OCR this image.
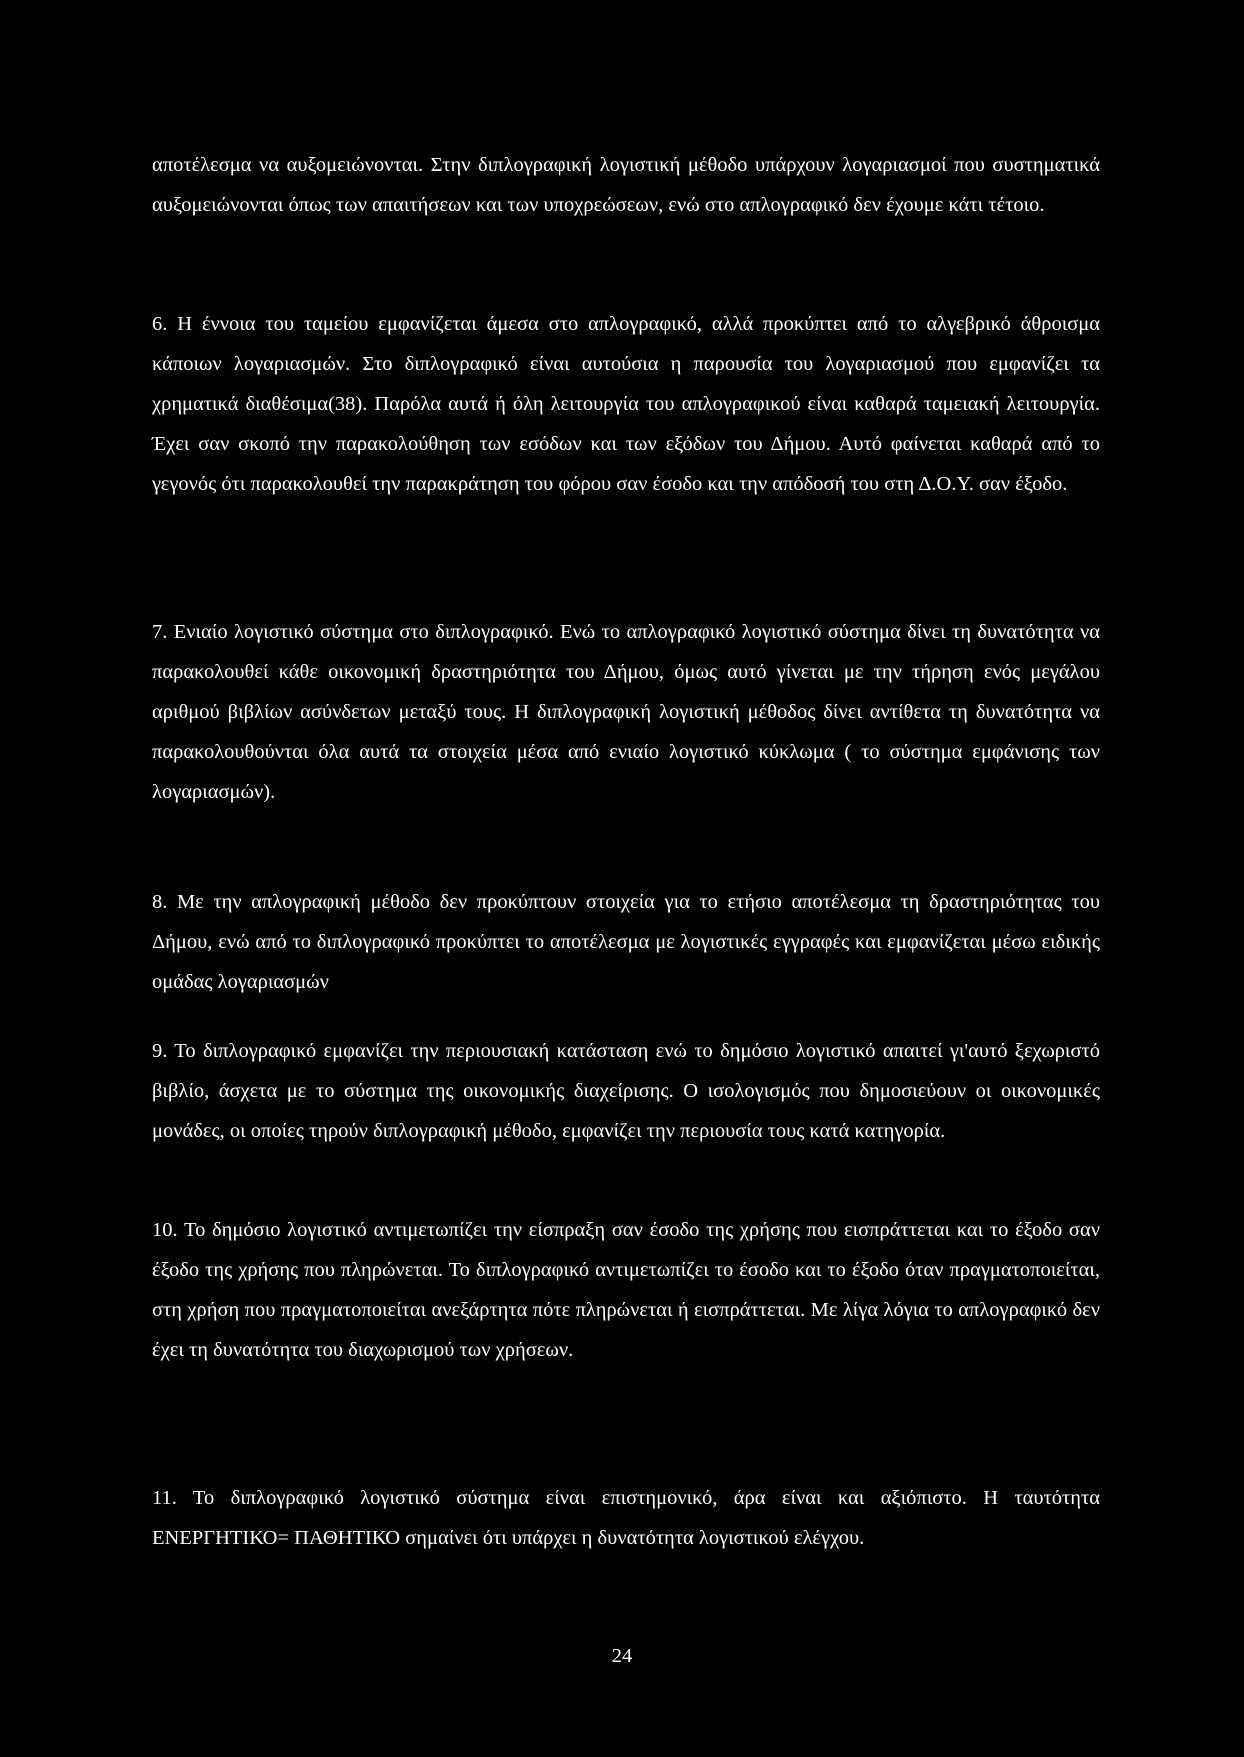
αποτέλεσμα να αυξομειώνονται. Στην διπλογραφική λογιστική μέθοδο υπάρχουν λογαριασμοί που συστηματικά αυξομειώνονται όπως των απαιτήσεων και των υποχρεώσεων, ενώ στο απλογραφικό δεν έχουμε κάτι τέτοιο.

6. Η έννοια του ταμείου εμφανίζεται άμεσα στο απλογραφικό, αλλά προκύπτει από το αλγεβρικό άθροισμα κάποιων λογαριασμών. Στο διπλογραφικό είναι αυτούσια η παρουσία του λογαριασμού που εμφανίζει τα χρηματικά διαθέσιμα(38). Παρόλα αυτά ή όλη λειτουργία του απλογραφικού είναι καθαρά ταμειακή λειτουργία. Έχει σαν σκοπό την παρακολούθηση των εσόδων και των εξόδων του Δήμου. Αυτό φαίνεται καθαρά από το γεγονός ότι παρακολουθεί την παρακράτηση του φόρου σαν έσοδο και την απόδοσή του στη Δ.Ο.Υ. σαν έξοδο.

7. Ενιαίο λογιστικό σύστημα στο διπλογραφικό. Ενώ το απλογραφικό λογιστικό σύστημα δίνει τη δυνατότητα να παρακολουθεί κάθε οικονομική δραστηριότητα του Δήμου, όμως αυτό γίνεται με την τήρηση ενός μεγάλου αριθμού βιβλίων ασύνδετων μεταξύ τους. Η διπλογραφική λογιστική μέθοδος δίνει αντίθετα τη δυνατότητα να παρακολουθούνται όλα αυτά τα στοιχεία μέσα από ενιαίο λογιστικό κύκλωμα ( το σύστημα εμφάνισης των λογαριασμών).

8. Με την απλογραφική μέθοδο δεν προκύπτουν στοιχεία για το ετήσιο αποτέλεσμα τη δραστηριότητας του Δήμου, ενώ από το διπλογραφικό προκύπτει το αποτέλεσμα με λογιστικές εγγραφές και εμφανίζεται μέσω ειδικής ομάδας λογαριασμών

9. Το διπλογραφικό εμφανίζει την περιουσιακή κατάσταση ενώ το δημόσιο λογιστικό απαιτεί γι'αυτό ξεχωριστό βιβλίο, άσχετα με το σύστημα της οικονομικής διαχείρισης. Ο ισολογισμός που δημοσιεύουν οι οικονομικές μονάδες, οι οποίες τηρούν διπλογραφική μέθοδο, εμφανίζει την περιουσία τους κατά κατηγορία.

10. Το δημόσιο λογιστικό αντιμετωπίζει την είσπραξη σαν έσοδο της χρήσης που εισπράττεται και το έξοδο σαν έξοδο της χρήσης που πληρώνεται. Το διπλογραφικό αντιμετωπίζει το έσοδο και το έξοδο όταν πραγματοποιείται, στη χρήση που πραγματοποιείται ανεξάρτητα πότε πληρώνεται ή εισπράττεται. Με λίγα λόγια το απλογραφικό δεν έχει τη δυνατότητα του διαχωρισμού των χρήσεων.

11. Το διπλογραφικό λογιστικό σύστημα είναι επιστημονικό, άρα είναι και αξιόπιστο. Η ταυτότητα ΕΝΕΡΓΗΤΙΚΟ= ΠΑΘΗΤΙΚΟ σημαίνει ότι υπάρχει η δυνατότητα λογιστικού ελέγχου.

24
